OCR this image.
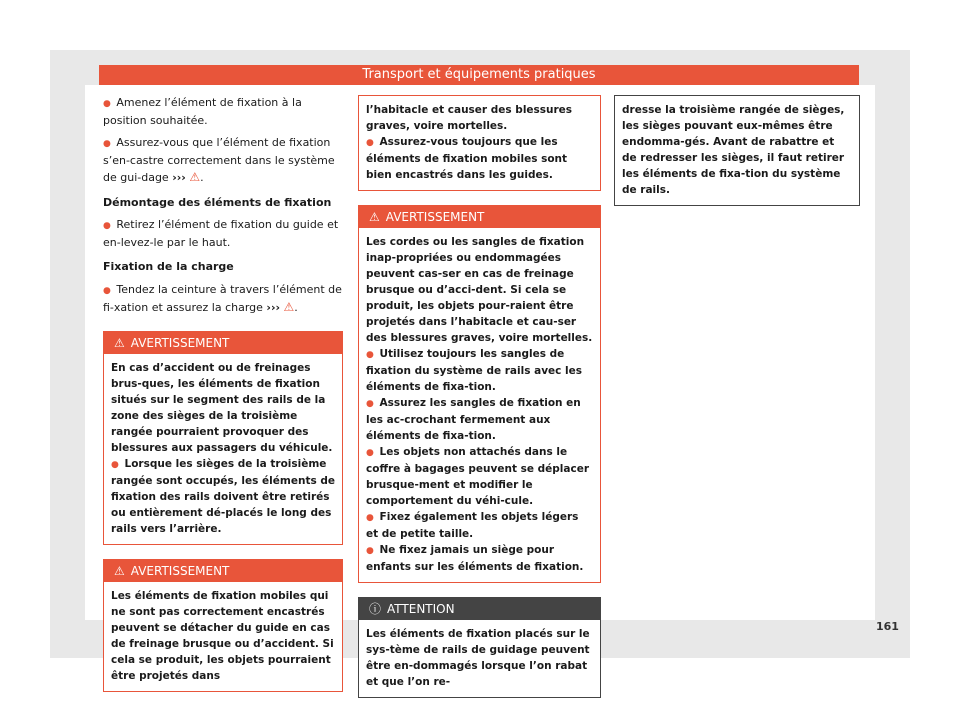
Transport et équipements pratiques

● Amenez l’élément de fixation à la position souhaitée.

● Assurez-vous que l’élément de fixation s’en-castre correctement dans le système de gui-dage ››› ⚠.

Démontage des éléments de fixation

● Retirez l’élément de fixation du guide et en-levez-le par le haut.

Fixation de la charge

● Tendez la ceinture à travers l’élément de fi-xation et assurez la charge ››› ⚠.

⚠ AVERTISSEMENT

En cas d’accident ou de freinages brus-ques, les éléments de fixation situés sur le segment des rails de la zone des sièges de la troisième rangée pourraient provoquer des blessures aux passagers du véhicule.

● Lorsque les sièges de la troisième rangée sont occupés, les éléments de fixation des rails doivent être retirés ou entièrement dé-placés le long des rails vers l’arrière.

⚠ AVERTISSEMENT

Les éléments de fixation mobiles qui ne sont pas correctement encastrés peuvent se détacher du guide en cas de freinage brusque ou d’accident. Si cela se produit, les objets pourraient être projetés dans

l’habitacle et causer des blessures graves, voire mortelles.

● Assurez-vous toujours que les éléments de fixation mobiles sont bien encastrés dans les guides.

⚠ AVERTISSEMENT

Les cordes ou les sangles de fixation inap-propriées ou endommagées peuvent cas-ser en cas de freinage brusque ou d’acci-dent. Si cela se produit, les objets pour-raient être projetés dans l’habitacle et cau-ser des blessures graves, voire mortelles.

● Utilisez toujours les sangles de fixation du système de rails avec les éléments de fixa-tion.

● Assurez les sangles de fixation en les ac-crochant fermement aux éléments de fixa-tion.

● Les objets non attachés dans le coffre à bagages peuvent se déplacer brusque-ment et modifier le comportement du véhi-cule.

● Fixez également les objets légers et de petite taille.

● Ne fixez jamais un siège pour enfants sur les éléments de fixation.

ⓘ ATTENTION

Les éléments de fixation placés sur le sys-tème de rails de guidage peuvent être en-dommagés lorsque l’on rabat et que l’on re-

dresse la troisième rangée de sièges, les sièges pouvant eux-mêmes être endomma-gés. Avant de rabattre et de redresser les sièges, il faut retirer les éléments de fixa-tion du système de rails.

161
